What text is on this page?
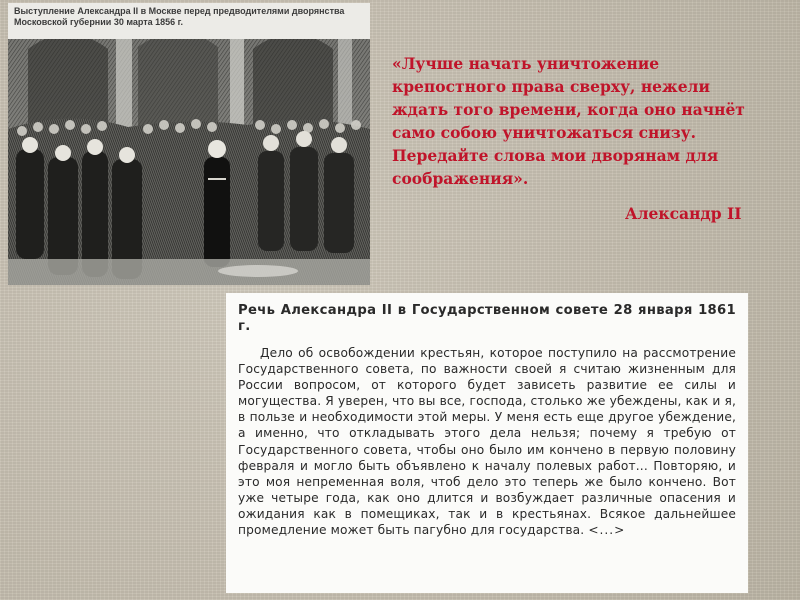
Выступление Александра II в Москве перед предводителями дворянства Московской губернии 30 марта 1856 г.
«Лучше начать уничтожение крепостного права сверху, нежели ждать того времени, когда оно начнёт само собою уничтожаться снизу. Передайте слова мои дворянам для соображения».
Александр II

Речь Александра II в Государственном совете 28 января 1861 г.

Дело об освобождении крестьян, которое поступило на рассмотрение Государственного совета, по важности своей я считаю жизненным для России вопросом, от которого будет зависеть развитие ее силы и могущества. Я уверен, что вы все, господа, столько же убеждены, как и я, в пользе и необходимости этой меры. У меня есть еще другое убеждение, а именно, что откладывать этого дела нельзя; почему я требую от Государственного совета, чтобы оно было им кончено в первую половину февраля и могло быть объявлено к началу полевых работ... Повторяю, и это моя непременная воля, чтоб дело это теперь же было кончено. Вот уже четыре года, как оно длится и возбуждает различные опасения и ожидания как в помещиках, так и в крестьянах. Всякое дальнейшее промедление может быть пагубно для государства. <...>
